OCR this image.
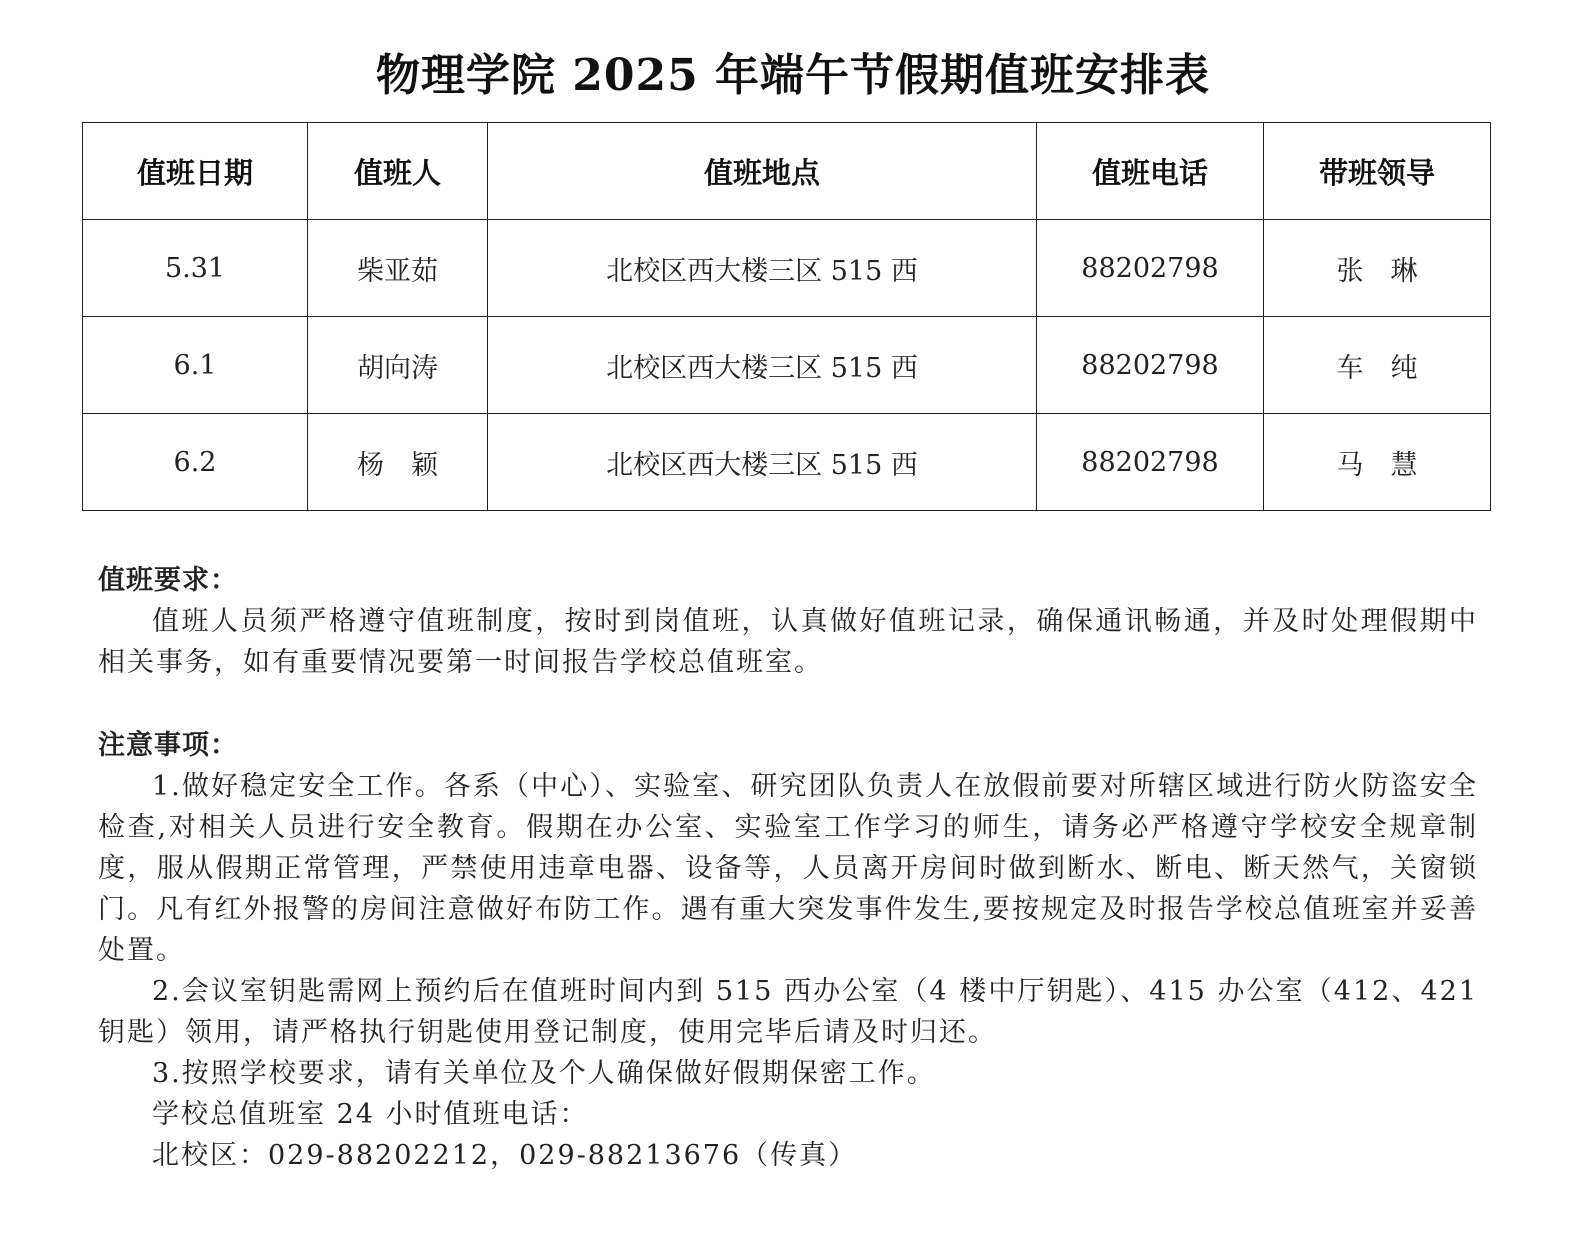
物理学院 2025 年端午节假期值班安排表
值班日期	值班人	值班地点	值班电话	带班领导
5.31	柴亚茹	北校区西大楼三区 515 西	88202798	张　琳
6.1	胡向涛	北校区西大楼三区 515 西	88202798	车　纯
6.2	杨　颖	北校区西大楼三区 515 西	88202798	马　慧
值班要求：

值班人员须严格遵守值班制度，按时到岗值班，认真做好值班记录，确保通讯畅通，并及时处理假期中相关事务，如有重要情况要第一时间报告学校总值班室。

注意事项：

1.做好稳定安全工作。各系（中心）、实验室、研究团队负责人在放假前要对所辖区域进行防火防盗安全检查,对相关人员进行安全教育。假期在办公室、实验室工作学习的师生，请务必严格遵守学校安全规章制度，服从假期正常管理，严禁使用违章电器、设备等，人员离开房间时做到断水、断电、断天然气，关窗锁门。凡有红外报警的房间注意做好布防工作。遇有重大突发事件发生,要按规定及时报告学校总值班室并妥善处置。

2.会议室钥匙需网上预约后在值班时间内到 515 西办公室（4 楼中厅钥匙）、415 办公室（412、421 钥匙）领用，请严格执行钥匙使用登记制度，使用完毕后请及时归还。

3.按照学校要求，请有关单位及个人确保做好假期保密工作。

学校总值班室 24 小时值班电话：

北校区：029-88202212，029-88213676（传真）
